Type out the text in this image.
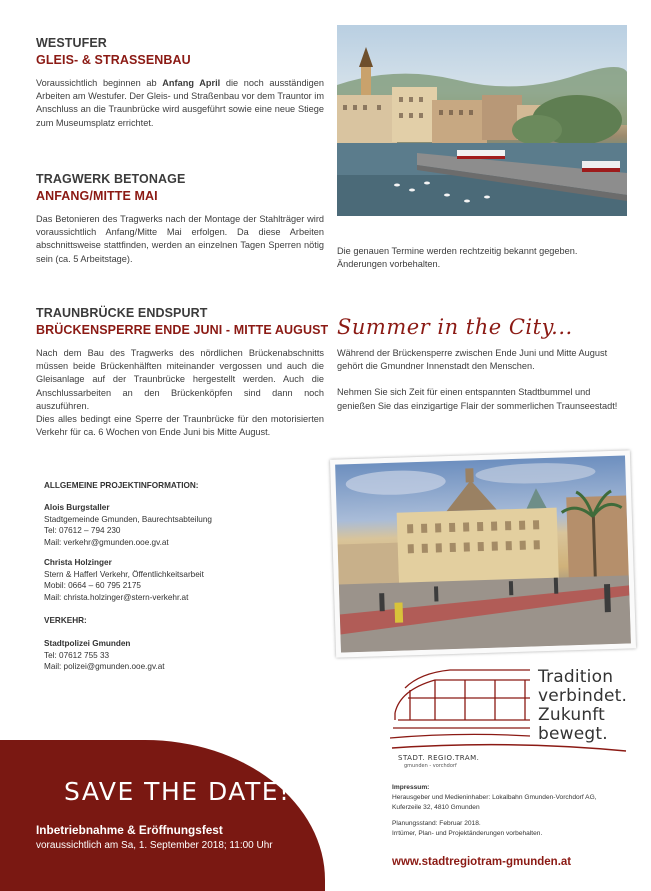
WESTUFER
GLEIS- & STRASSENBAU
Voraussichtlich beginnen ab Anfang April die noch ausständigen Arbeiten am Westufer. Der Gleis- und Straßenbau vor dem Trauntor im Anschluss an die Traunbrücke wird ausgeführt sowie eine neue Stiege zum Museumsplatz errichtet.
TRAGWERK BETONAGE
ANFANG/MITTE MAI
Das Betonieren des Tragwerks nach der Montage der Stahlträger wird voraussichtlich Anfang/Mitte Mai erfolgen. Da diese Arbeiten abschnittsweise stattfinden, werden an einzelnen Tagen Sperren nötig sein (ca. 5 Arbeitstage).
Die genauen Termine werden rechtzeitig bekannt gegeben. Änderungen vorbehalten.
TRAUNBRÜCKE ENDSPURT
BRÜCKENSPERRE ENDE JUNI - MITTE AUGUST
Nach dem Bau des Tragwerks des nördlichen Brückenabschnitts müssen beide Brückenhälften miteinander vergossen und auch die Gleisanlage auf der Traunbrücke hergestellt werden. Auch die Anschlussarbeiten an den Brückenköpfen sind dann noch auszuführen.
Dies alles bedingt eine Sperre der Traunbrücke für den motorisierten Verkehr für ca. 6 Wochen von Ende Juni bis Mitte August.
Summer in the City...
Während der Brückensperre zwischen Ende Juni und Mitte August gehört die Gmundner Innenstadt den Menschen.
Nehmen Sie sich Zeit für einen entspannten Stadtbummel und genießen Sie das einzigartige Flair der sommerlichen Traunseestadt!
ALLGEMEINE PROJEKTINFORMATION:
Alois Burgstaller
Stadtgemeinde Gmunden, Baurechtsabteilung
Tel: 07612 – 794 230
Mail: verkehr@gmunden.ooe.gv.at
Christa Holzinger
Stern & Hafferl Verkehr, Öffentlichkeitsarbeit
Mobil: 0664 – 60 795 2175
Mail: christa.holzinger@stern-verkehr.at
VERKEHR:
Stadtpolizei Gmunden
Tel: 07612 755 33
Mail: polizei@gmunden.ooe.gv.at
Tradition
verbindet.
Zukunft
bewegt.
STADT. REGIO.TRAM.
gmunden - vorchdorf
Impressum:
Herausgeber und Medieninhaber: Lokalbahn Gmunden-Vorchdorf AG,
Kuferzeile 32, 4810 Gmunden
Planungsstand: Februar 2018.
Irrtümer, Plan- und Projektänderungen vorbehalten.
www.stadtregiotram-gmunden.at
SAVE THE DATE!
Inbetriebnahme & Eröffnungsfest
voraussichtlich am Sa, 1. September 2018; 11:00 Uhr
